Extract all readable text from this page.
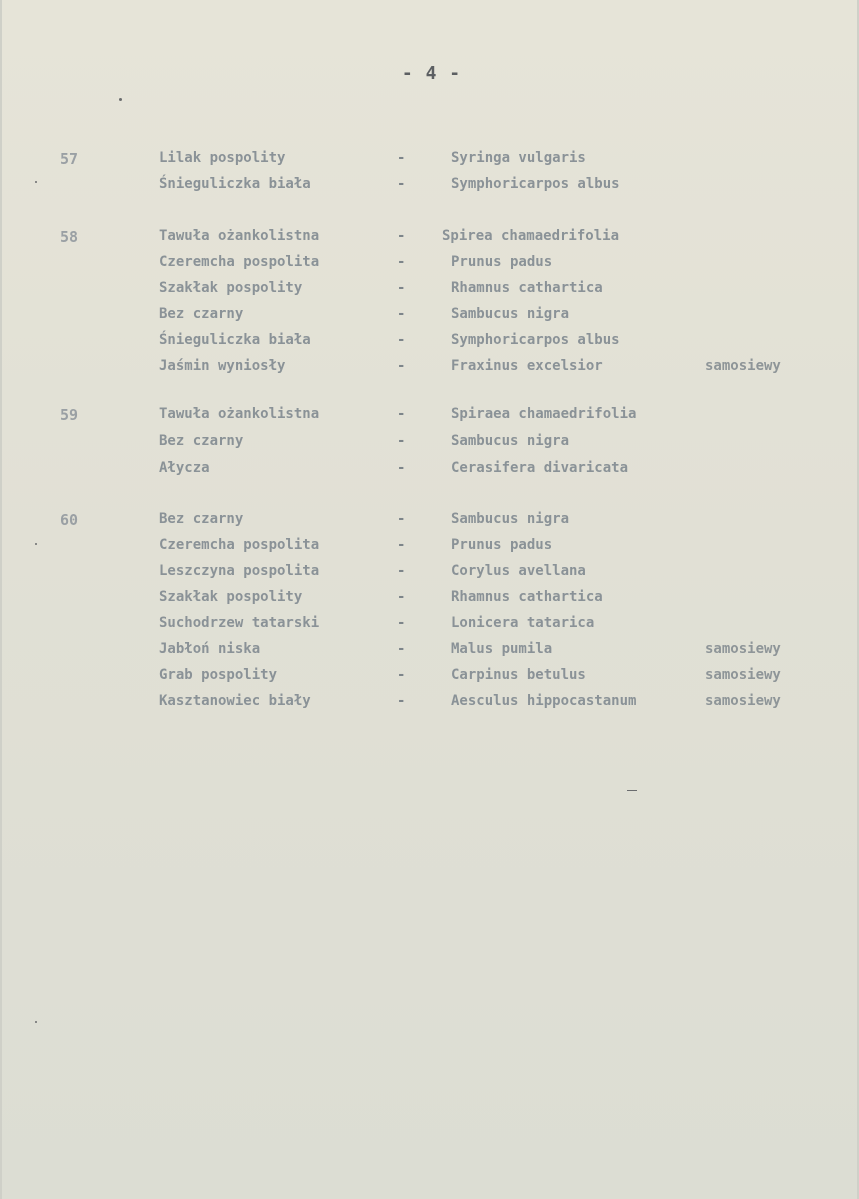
- 4 -
57	Lilak pospolity	-	Syringa vulgaris
Śnieguliczka biała	-	Symphoricarpos albus
58	Tawuła ożankolistna	-	Spirea chamaedrifolia
Czeremcha pospolita	-	Prunus padus
Szakłak pospolity	-	Rhamnus cathartica
Bez czarny	-	Sambucus nigra
Śnieguliczka biała	-	Symphoricarpos albus
Jaśmin wyniosły	-	Fraxinus excelsior	samosiewy
59	Tawuła ożankolistna	-	Spiraea chamaedrifolia
Bez czarny	-	Sambucus nigra
Ałycza	-	Cerasifera divaricata
60	Bez czarny	-	Sambucus nigra
Czeremcha pospolita	-	Prunus padus
Leszczyna pospolita	-	Corylus avellana
Szakłak pospolity	-	Rhamnus cathartica
Suchodrzew tatarski	-	Lonicera tatarica
Jabłoń niska	-	Malus pumila	samosiewy
Grab pospolity	-	Carpinus betulus	samosiewy
Kasztanowiec biały	-	Aesculus hippocastanum	samosiewy
